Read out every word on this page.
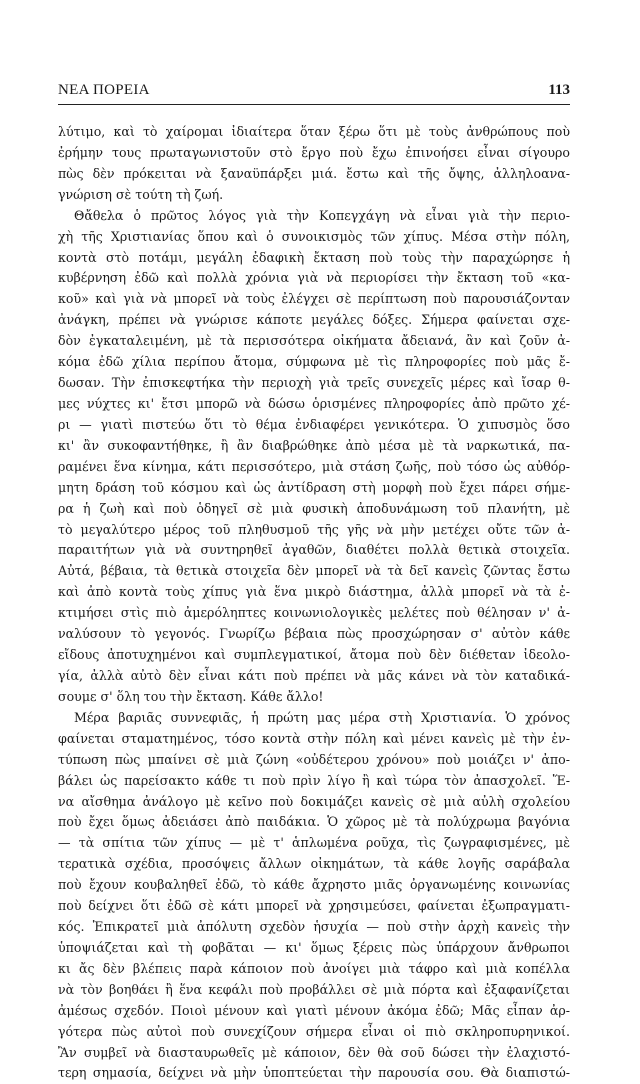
ΝΕΑ ΠΟΡΕΙΑ	113
λύτιμο, καὶ τὸ χαίρομαι ἰδιαίτερα ὅταν ξέρω ὅτι μὲ τοὺς ἀνθρώπους ποὺ
ἐρήμην τους πρωταγωνιστοῦν στὸ ἔργο ποὺ ἔχω ἐπινοήσει εἶναι σίγουρο
πὼς δὲν πρόκειται νὰ ξαναϋπάρξει μιά. ἔστω καὶ τῆς ὄψης, ἀλληλοανα-
γνώριση σὲ τούτη τὴ ζωή.
Θἄθελα ὁ πρῶτος λόγος γιὰ τὴν Κοπεγχάγη νὰ εἶναι γιὰ τὴν περιο-
χὴ τῆς Χριστιανίας ὅπου καὶ ὁ συνοικισμὸς τῶν χίπυς. Μέσα στὴν πόλη,
κοντὰ στὸ ποτάμι, μεγάλη ἐδαφικὴ ἔκταση ποὺ τοὺς τὴν παραχώρησε ἡ
κυβέρνηση ἐδῶ καὶ πολλὰ χρόνια γιὰ νὰ περιορίσει τὴν ἔκταση τοῦ «κα-
κοῦ» καὶ γιὰ νὰ μπορεῖ νὰ τοὺς ἐλέγχει σὲ περίπτωση ποὺ παρουσιάζονταν
ἀνάγκη, πρέπει νὰ γνώρισε κάποτε μεγάλες δόξες. Σήμερα φαίνεται σχε-
δὸν ἐγκαταλειμένη, μὲ τὰ περισσότερα οἰκήματα ἄδειανά, ἂν καὶ ζοῦν ἀ-
κόμα ἐδῶ χίλια περίπου ἄτομα, σύμφωνα μὲ τὶς πληροφορίες ποὺ μᾶς ἔ-
δωσαν. Τὴν ἐπισκεφτήκα τὴν περιοχὴ γιὰ τρεῖς συνεχεῖς μέρες καὶ ἴσαρ θ-
μες νύχτες κι' ἔτσι μπορῶ νὰ δώσω ὁρισμένες πληροφορίες ἀπὸ πρῶτο χέ-
ρι — γιατὶ πιστεύω ὅτι τὸ θέμα ἐνδιαφέρει γενικότερα. Ὁ χιπυσμὸς ὅσο
κι' ἂν συκοφαντήθηκε, ἢ ἂν διαβρώθηκε ἀπὸ μέσα μὲ τὰ ναρκωτικά, πα-
ραμένει ἕνα κίνημα, κάτι περισσότερο, μιὰ στάση ζωῆς, ποὺ τόσο ὡς αὐθόρ-
μητη δράση τοῦ κόσμου καὶ ὡς ἀντίδραση στὴ μορφὴ ποὺ ἔχει πάρει σήμε-
ρα ἡ ζωὴ καὶ ποὺ ὁδηγεῖ σὲ μιὰ φυσικὴ ἀποδυνάμωση τοῦ πλανήτη, μὲ
τὸ μεγαλύτερο μέρος τοῦ πληθυσμοῦ τῆς γῆς νὰ μὴν μετέχει οὔτε τῶν ἀ-
παραιτήτων γιὰ νὰ συντηρηθεῖ ἀγαθῶν, διαθέτει πολλὰ θετικὰ στοιχεῖα.
Αὐτά, βέβαια, τὰ θετικὰ στοιχεῖα δὲν μπορεῖ νὰ τὰ δεῖ κανεὶς ζῶντας ἔστω
καὶ ἀπὸ κοντὰ τοὺς χίπυς γιὰ ἕνα μικρὸ διάστημα, ἀλλὰ μπορεῖ νὰ τὰ ἐ-
κτιμήσει στὶς πιὸ ἀμερόληπτες κοινωνιολογικὲς μελέτες ποὺ θέλησαν ν' ἀ-
ναλύσουν τὸ γεγονός. Γνωρίζω βέβαια πὼς προσχώρησαν σ' αὐτὸν κάθε
εἴδους ἀποτυχημένοι καὶ συμπλεγματικοί, ἄτομα ποὺ δὲν διέθεταν ἰδεολο-
γία, ἀλλὰ αὐτὸ δὲν εἶναι κάτι ποὺ πρέπει νὰ μᾶς κάνει νὰ τὸν καταδικά-
σουμε σ' ὅλη του τὴν ἔκταση. Κάθε ἄλλο!
Μέρα βαριᾶς συννεφιᾶς, ἡ πρώτη μας μέρα στὴ Χριστιανία. Ὁ χρόνος
φαίνεται σταματημένος, τόσο κοντὰ στὴν πόλη καὶ μένει κανεὶς μὲ τὴν ἐν-
τύπωση πὼς μπαίνει σὲ μιὰ ζώνη «οὐδέτερου χρόνου» ποὺ μοιάζει ν' ἀπο-
βάλει ὡς παρείσακτο κάθε τι ποὺ πρὶν λίγο ἢ καὶ τώρα τὸν ἀπασχολεῖ. Ἕ-
να αἴσθημα ἀνάλογο μὲ κεῖνο ποὺ δοκιμάζει κανεὶς σὲ μιὰ αὐλὴ σχολείου
ποὺ ἔχει ὅμως ἀδειάσει ἀπὸ παιδάκια. Ὁ χῶρος μὲ τὰ πολύχρωμα βαγόνια
— τὰ σπίτια τῶν χίπυς — μὲ τ' ἁπλωμένα ροῦχα, τὶς ζωγραφισμένες, μὲ
τερατικὰ σχέδια, προσόψεις ἄλλων οἰκημάτων, τὰ κάθε λογῆς σαράβαλα
ποὺ ἔχουν κουβαληθεῖ ἐδῶ, τὸ κάθε ἄχρηστο μιᾶς ὀργανωμένης κοινωνίας
ποὺ δείχνει ὅτι ἐδῶ σὲ κάτι μπορεῖ νὰ χρησιμεύσει, φαίνεται ἐξωπραγματι-
κός. Ἐπικρατεῖ μιὰ ἀπόλυτη σχεδὸν ἡσυχία — ποὺ στὴν ἀρχὴ κανεὶς τὴν
ὑποψιάζεται καὶ τὴ φοβᾶται — κι' ὅμως ξέρεις πὼς ὑπάρχουν ἄνθρωποι
κι ἄς δὲν βλέπεις παρὰ κάποιον ποὺ ἀνοίγει μιὰ τάφρο καὶ μιὰ κοπέλλα
νὰ τὸν βοηθάει ἢ ἕνα κεφάλι ποὺ προβάλλει σὲ μιὰ πόρτα καὶ ἐξαφανίζεται
ἀμέσως σχεδόν. Ποιοὶ μένουν καὶ γιατὶ μένουν ἀκόμα ἐδῶ; Μᾶς εἶπαν ἀρ-
γότερα πὼς αὐτοὶ ποὺ συνεχίζουν σήμερα εἶναι οἱ πιὸ σκληροπυρηνικοί.
Ἂν συμβεῖ νὰ διασταυρωθεῖς μὲ κάποιον, δὲν θὰ σοῦ δώσει τὴν ἐλαχιστό-
τερη σημασία, δείχνει νὰ μὴν ὑποπτεύεται τὴν παρουσία σου. Θὰ διαπιστώ-
